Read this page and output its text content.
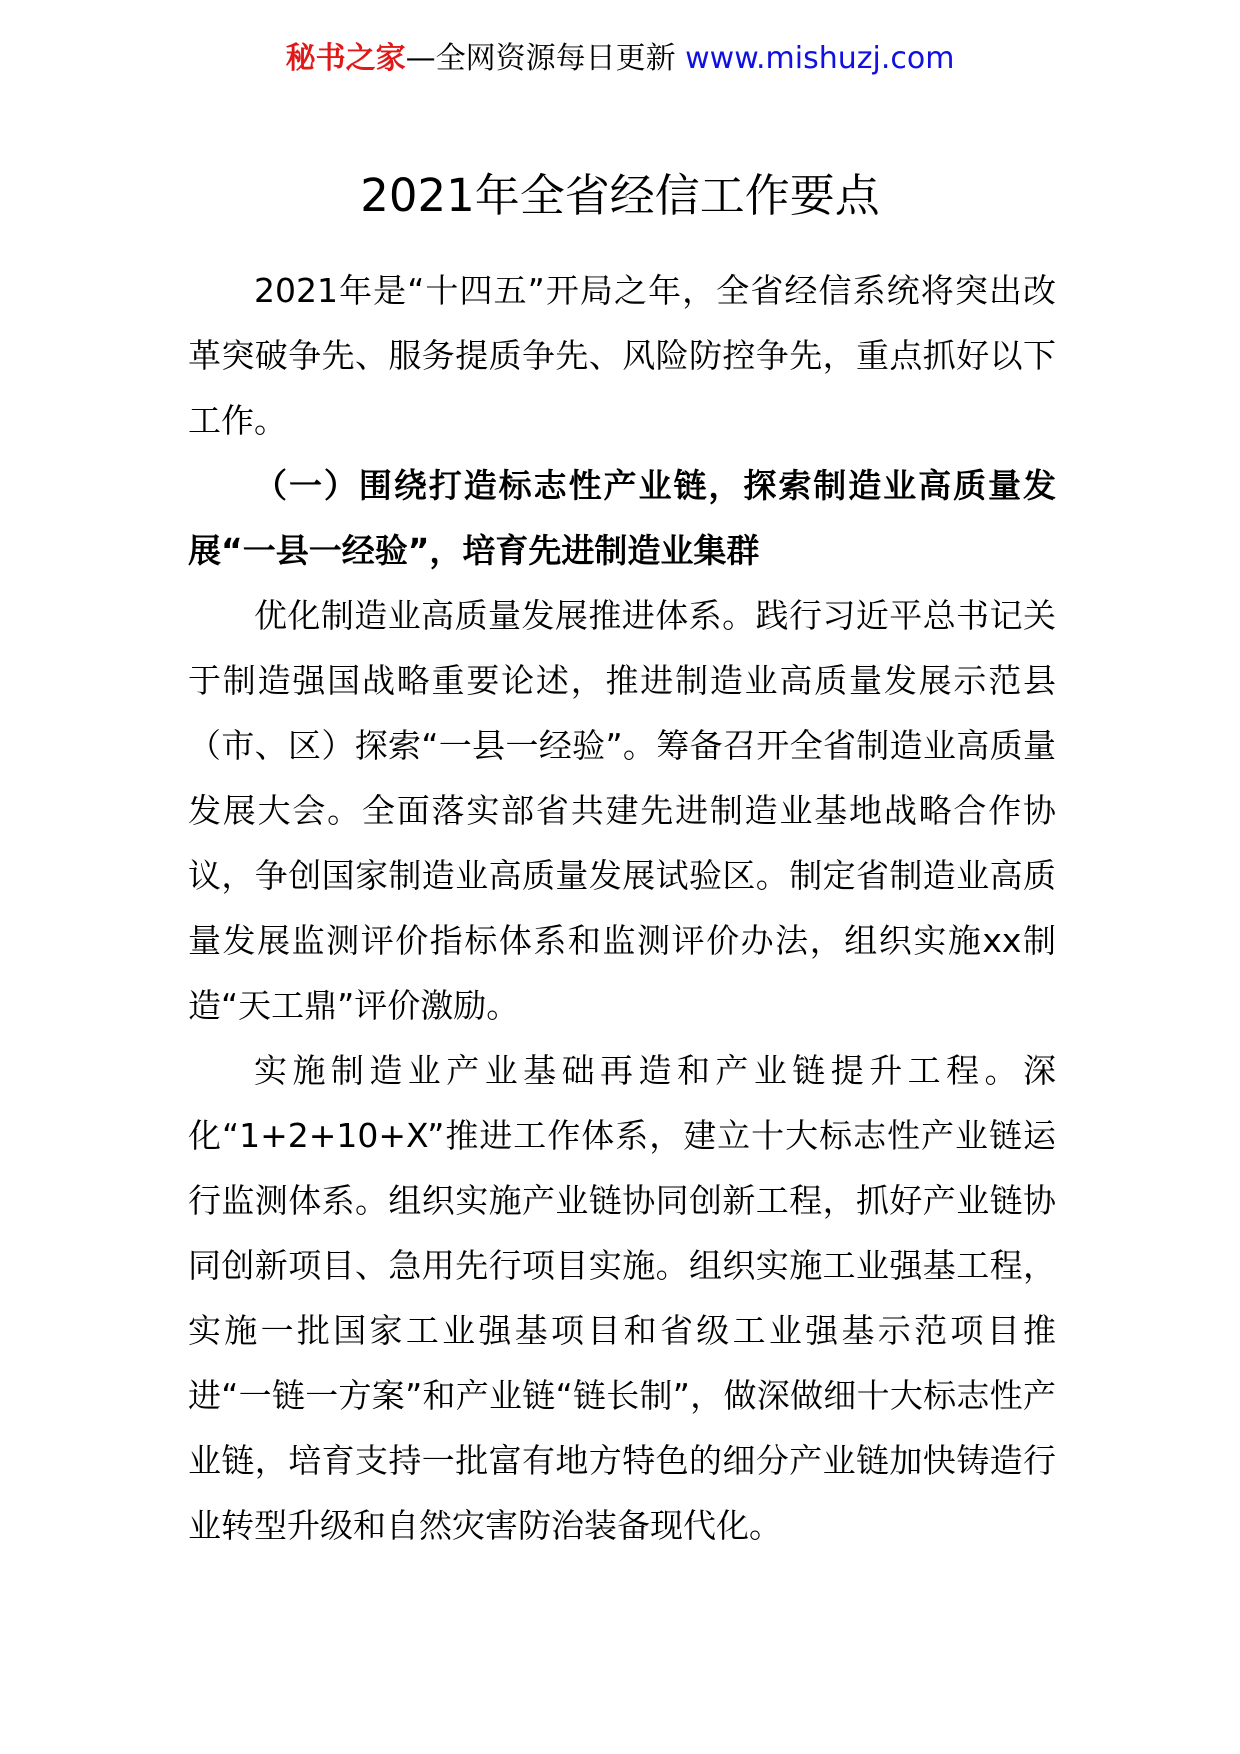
秘书之家—全网资源每日更新 www.mishuzj.com
2021年全省经信工作要点

2021年是“十四五”开局之年，全省经信系统将突出改革突破争先、服务提质争先、风险防控争先，重点抓好以下工作。

（一）围绕打造标志性产业链，探索制造业高质量发展“一县一经验”，培育先进制造业集群

优化制造业高质量发展推进体系。践行习近平总书记关于制造强国战略重要论述，推进制造业高质量发展示范县（市、区）探索“一县一经验”。筹备召开全省制造业高质量发展大会。全面落实部省共建先进制造业基地战略合作协议，争创国家制造业高质量发展试验区。制定省制造业高质量发展监测评价指标体系和监测评价办法，组织实施xx制造“天工鼎”评价激励。

实施制造业产业基础再造和产业链提升工程。深化“1+2+10+X”推进工作体系，建立十大标志性产业链运行监测体系。组织实施产业链协同创新工程，抓好产业链协同创新项目、急用先行项目实施。组织实施工业强基工程，实施一批国家工业强基项目和省级工业强基示范项目推进“一链一方案”和产业链“链长制”，做深做细十大标志性产业链，培育支持一批富有地方特色的细分产业链加快铸造行业转型升级和自然灾害防治装备现代化。
